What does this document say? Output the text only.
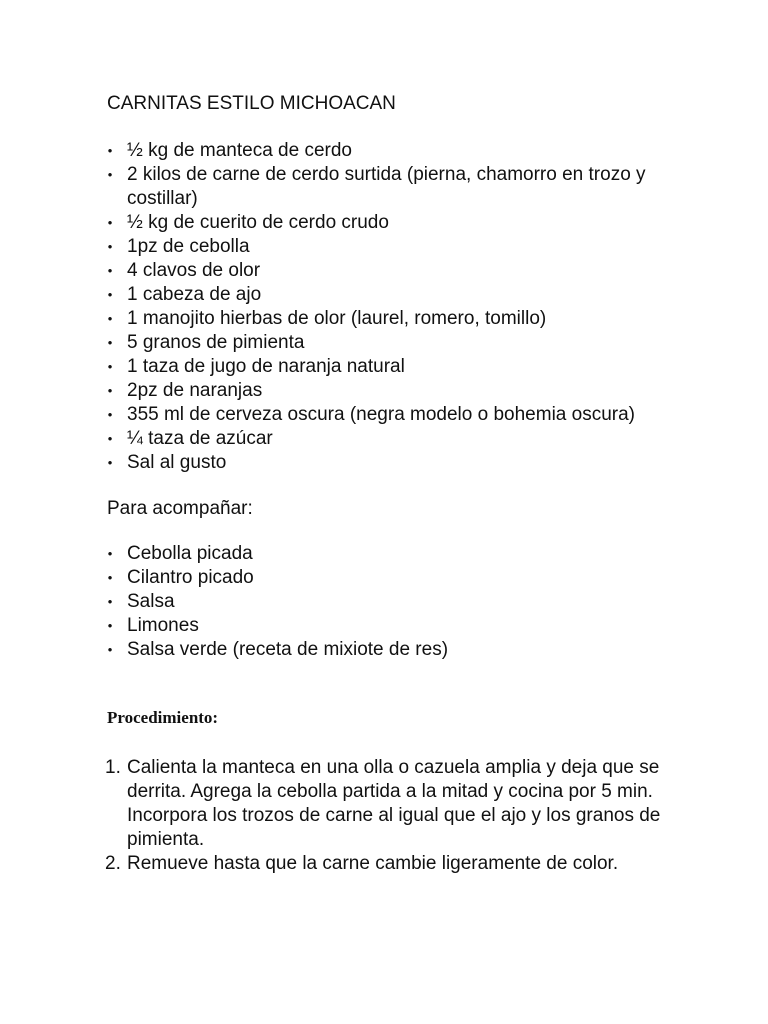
CARNITAS ESTILO MICHOACAN
• ½ kg de manteca de cerdo
• 2 kilos de carne de cerdo surtida (pierna, chamorro en trozo y costillar)
• ½ kg de cuerito de cerdo crudo
• 1pz de cebolla
• 4 clavos de olor
• 1 cabeza de ajo
• 1 manojito hierbas de olor (laurel, romero, tomillo)
• 5 granos de pimienta
• 1 taza de jugo de naranja natural
• 2pz de naranjas
• 355 ml de cerveza oscura (negra modelo o bohemia oscura)
• ¼ taza de azúcar
• Sal al gusto
Para acompañar:
• Cebolla picada
• Cilantro picado
• Salsa
• Limones
• Salsa verde (receta de mixiote de res)
Procedimiento:
1. Calienta la manteca en una olla o cazuela amplia y deja que se derrita. Agrega la cebolla partida a la mitad y cocina por 5 min. Incorpora los trozos de carne al igual que el ajo y los granos de pimienta.
2. Remueve hasta que la carne cambie ligeramente de color.
